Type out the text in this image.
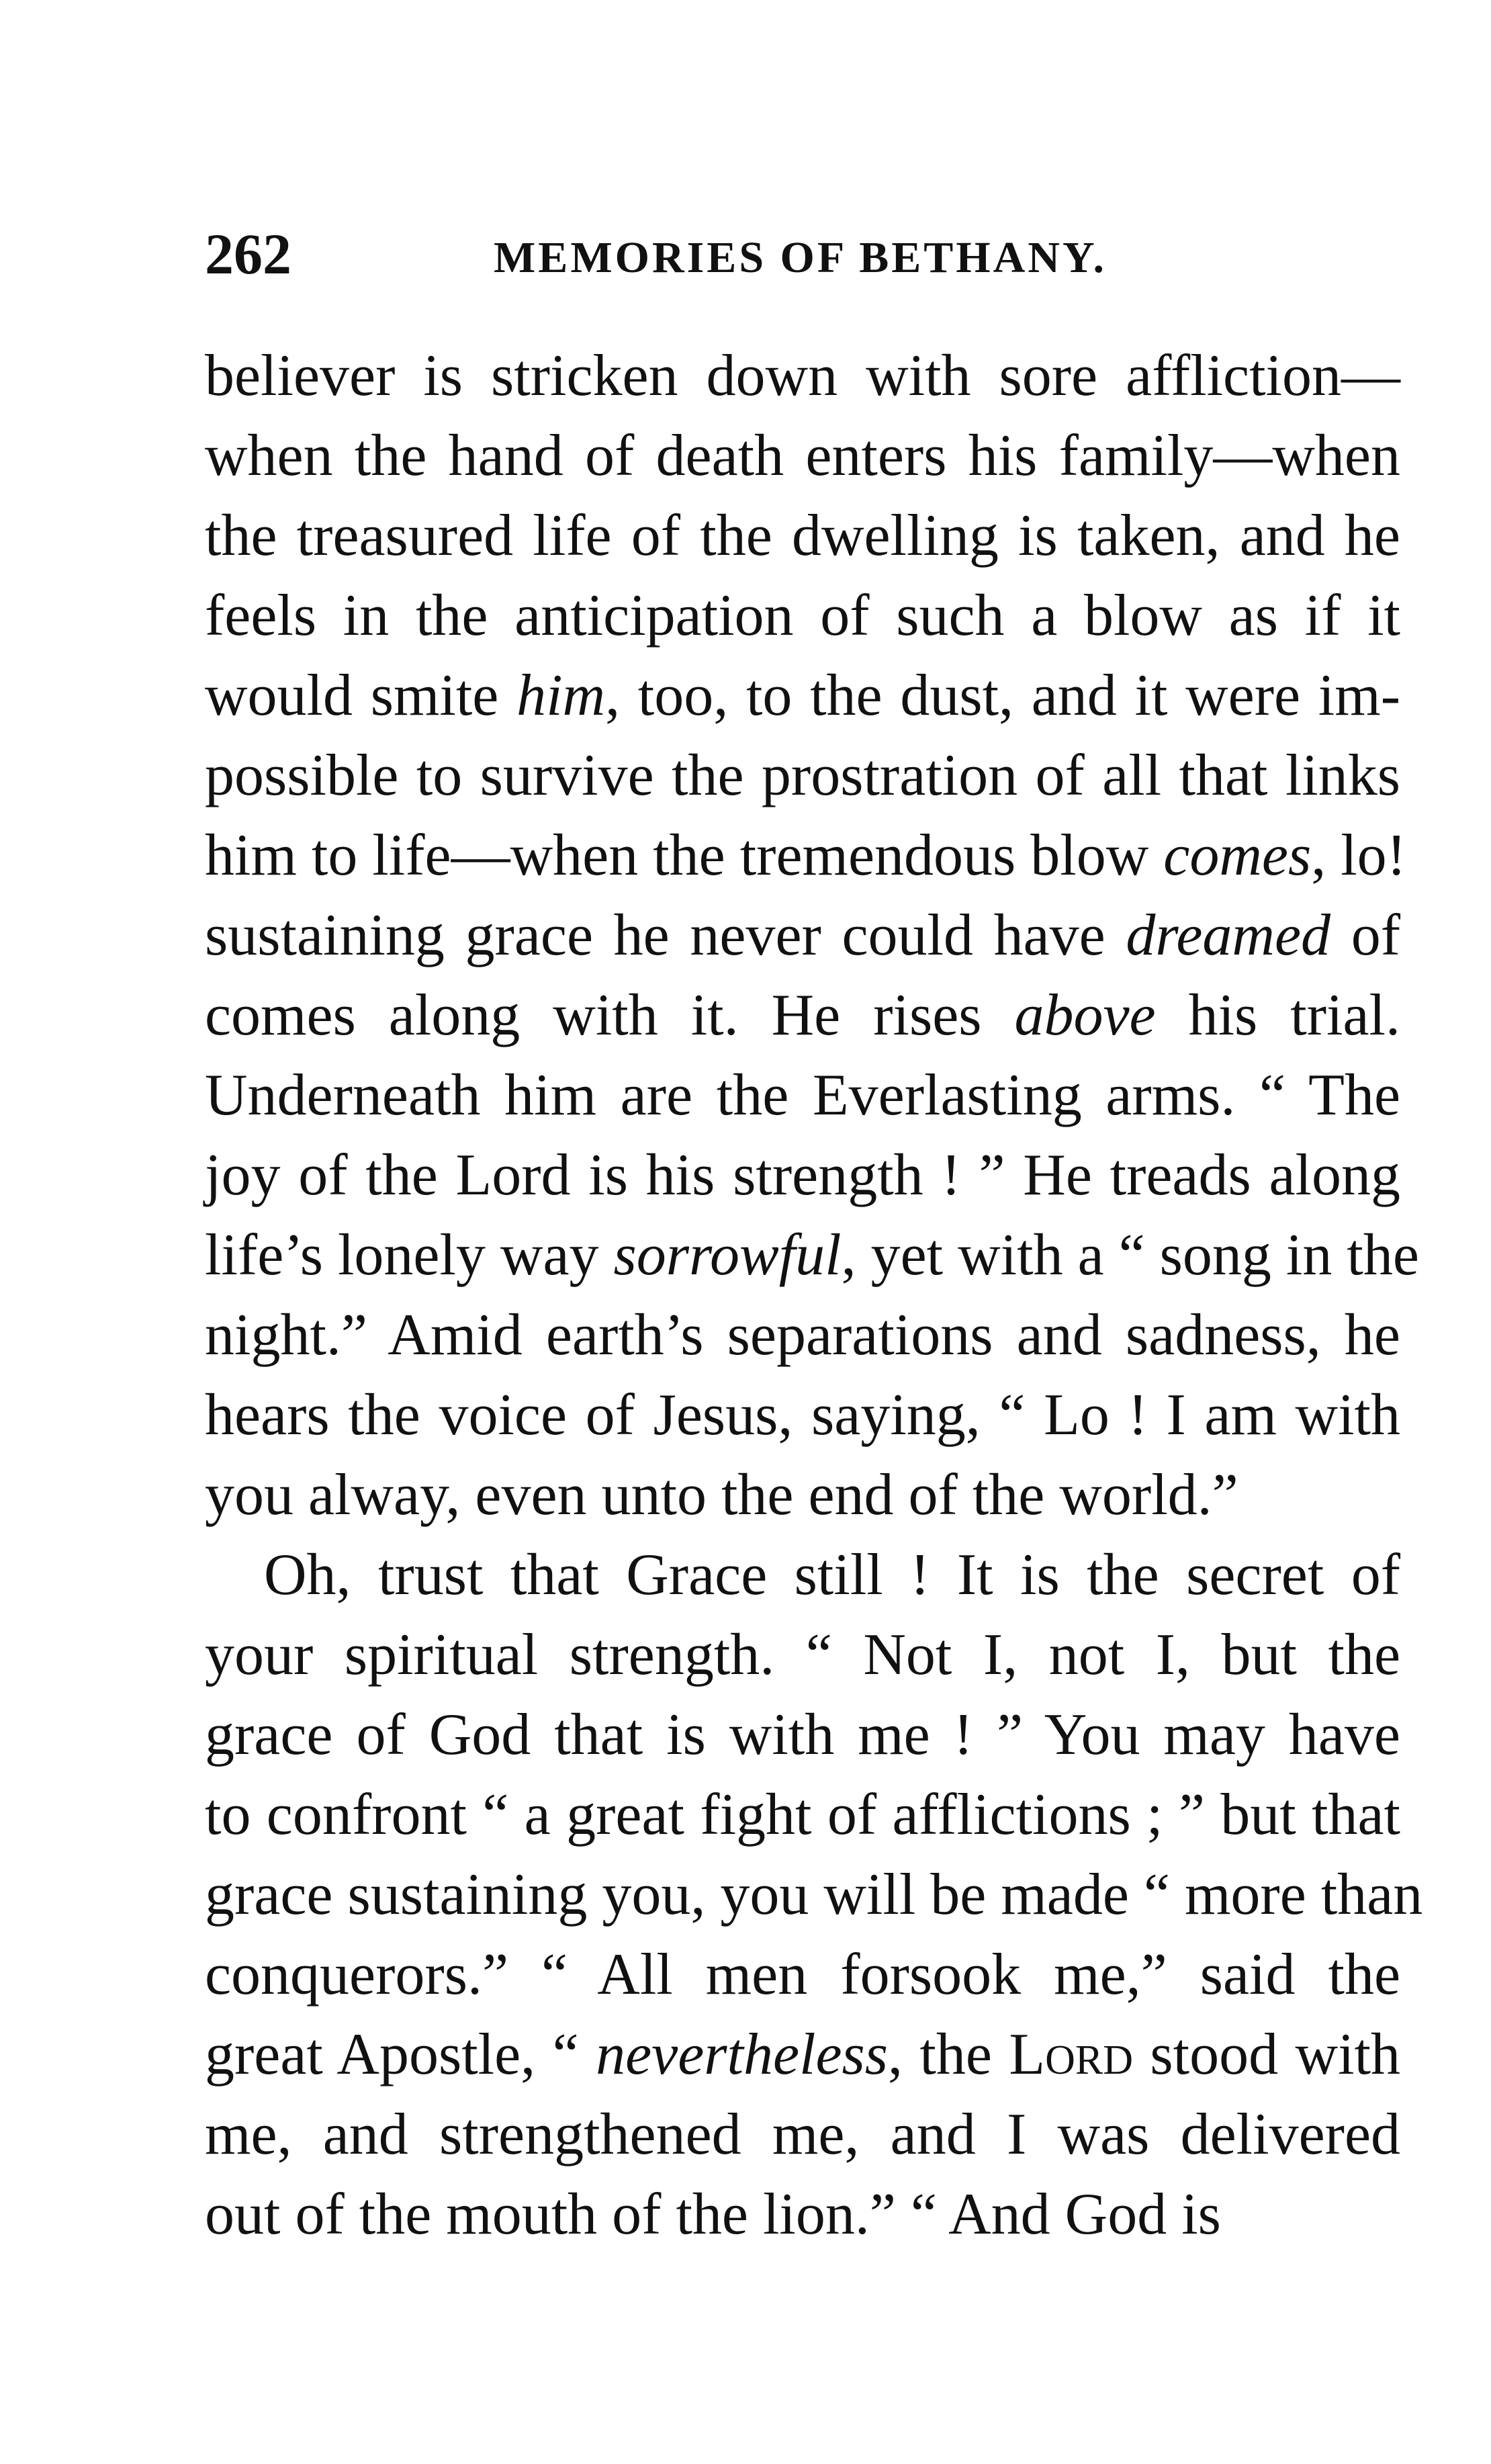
262	MEMORIES OF BETHANY.

believer is stricken down with sore affliction—
when the hand of death enters his family—when
the treasured life of the dwelling is taken, and he
feels in the anticipation of such a blow as if it
would smite him, too, to the dust, and it were im-
possible to survive the prostration of all that links
him to life—when the tremendous blow comes, lo!
sustaining grace he never could have dreamed of
comes along with it. He rises above his trial.
Underneath him are the Everlasting arms. “ The
joy of the Lord is his strength ! ” He treads along
life’s lonely way sorrowful, yet with a “ song in the
night.” Amid earth’s separations and sadness, he
hears the voice of Jesus, saying, “ Lo ! I am with
you alway, even unto the end of the world.”

Oh, trust that Grace still ! It is the secret of
your spiritual strength. “ Not I, not I, but the
grace of God that is with me ! ” You may have
to confront “ a great fight of afflictions ; ” but that
grace sustaining you, you will be made “ more than
conquerors.” “ All men forsook me,” said the
great Apostle, “ nevertheless, the Lord stood with
me, and strengthened me, and I was delivered
out of the mouth of the lion.” “ And God is
